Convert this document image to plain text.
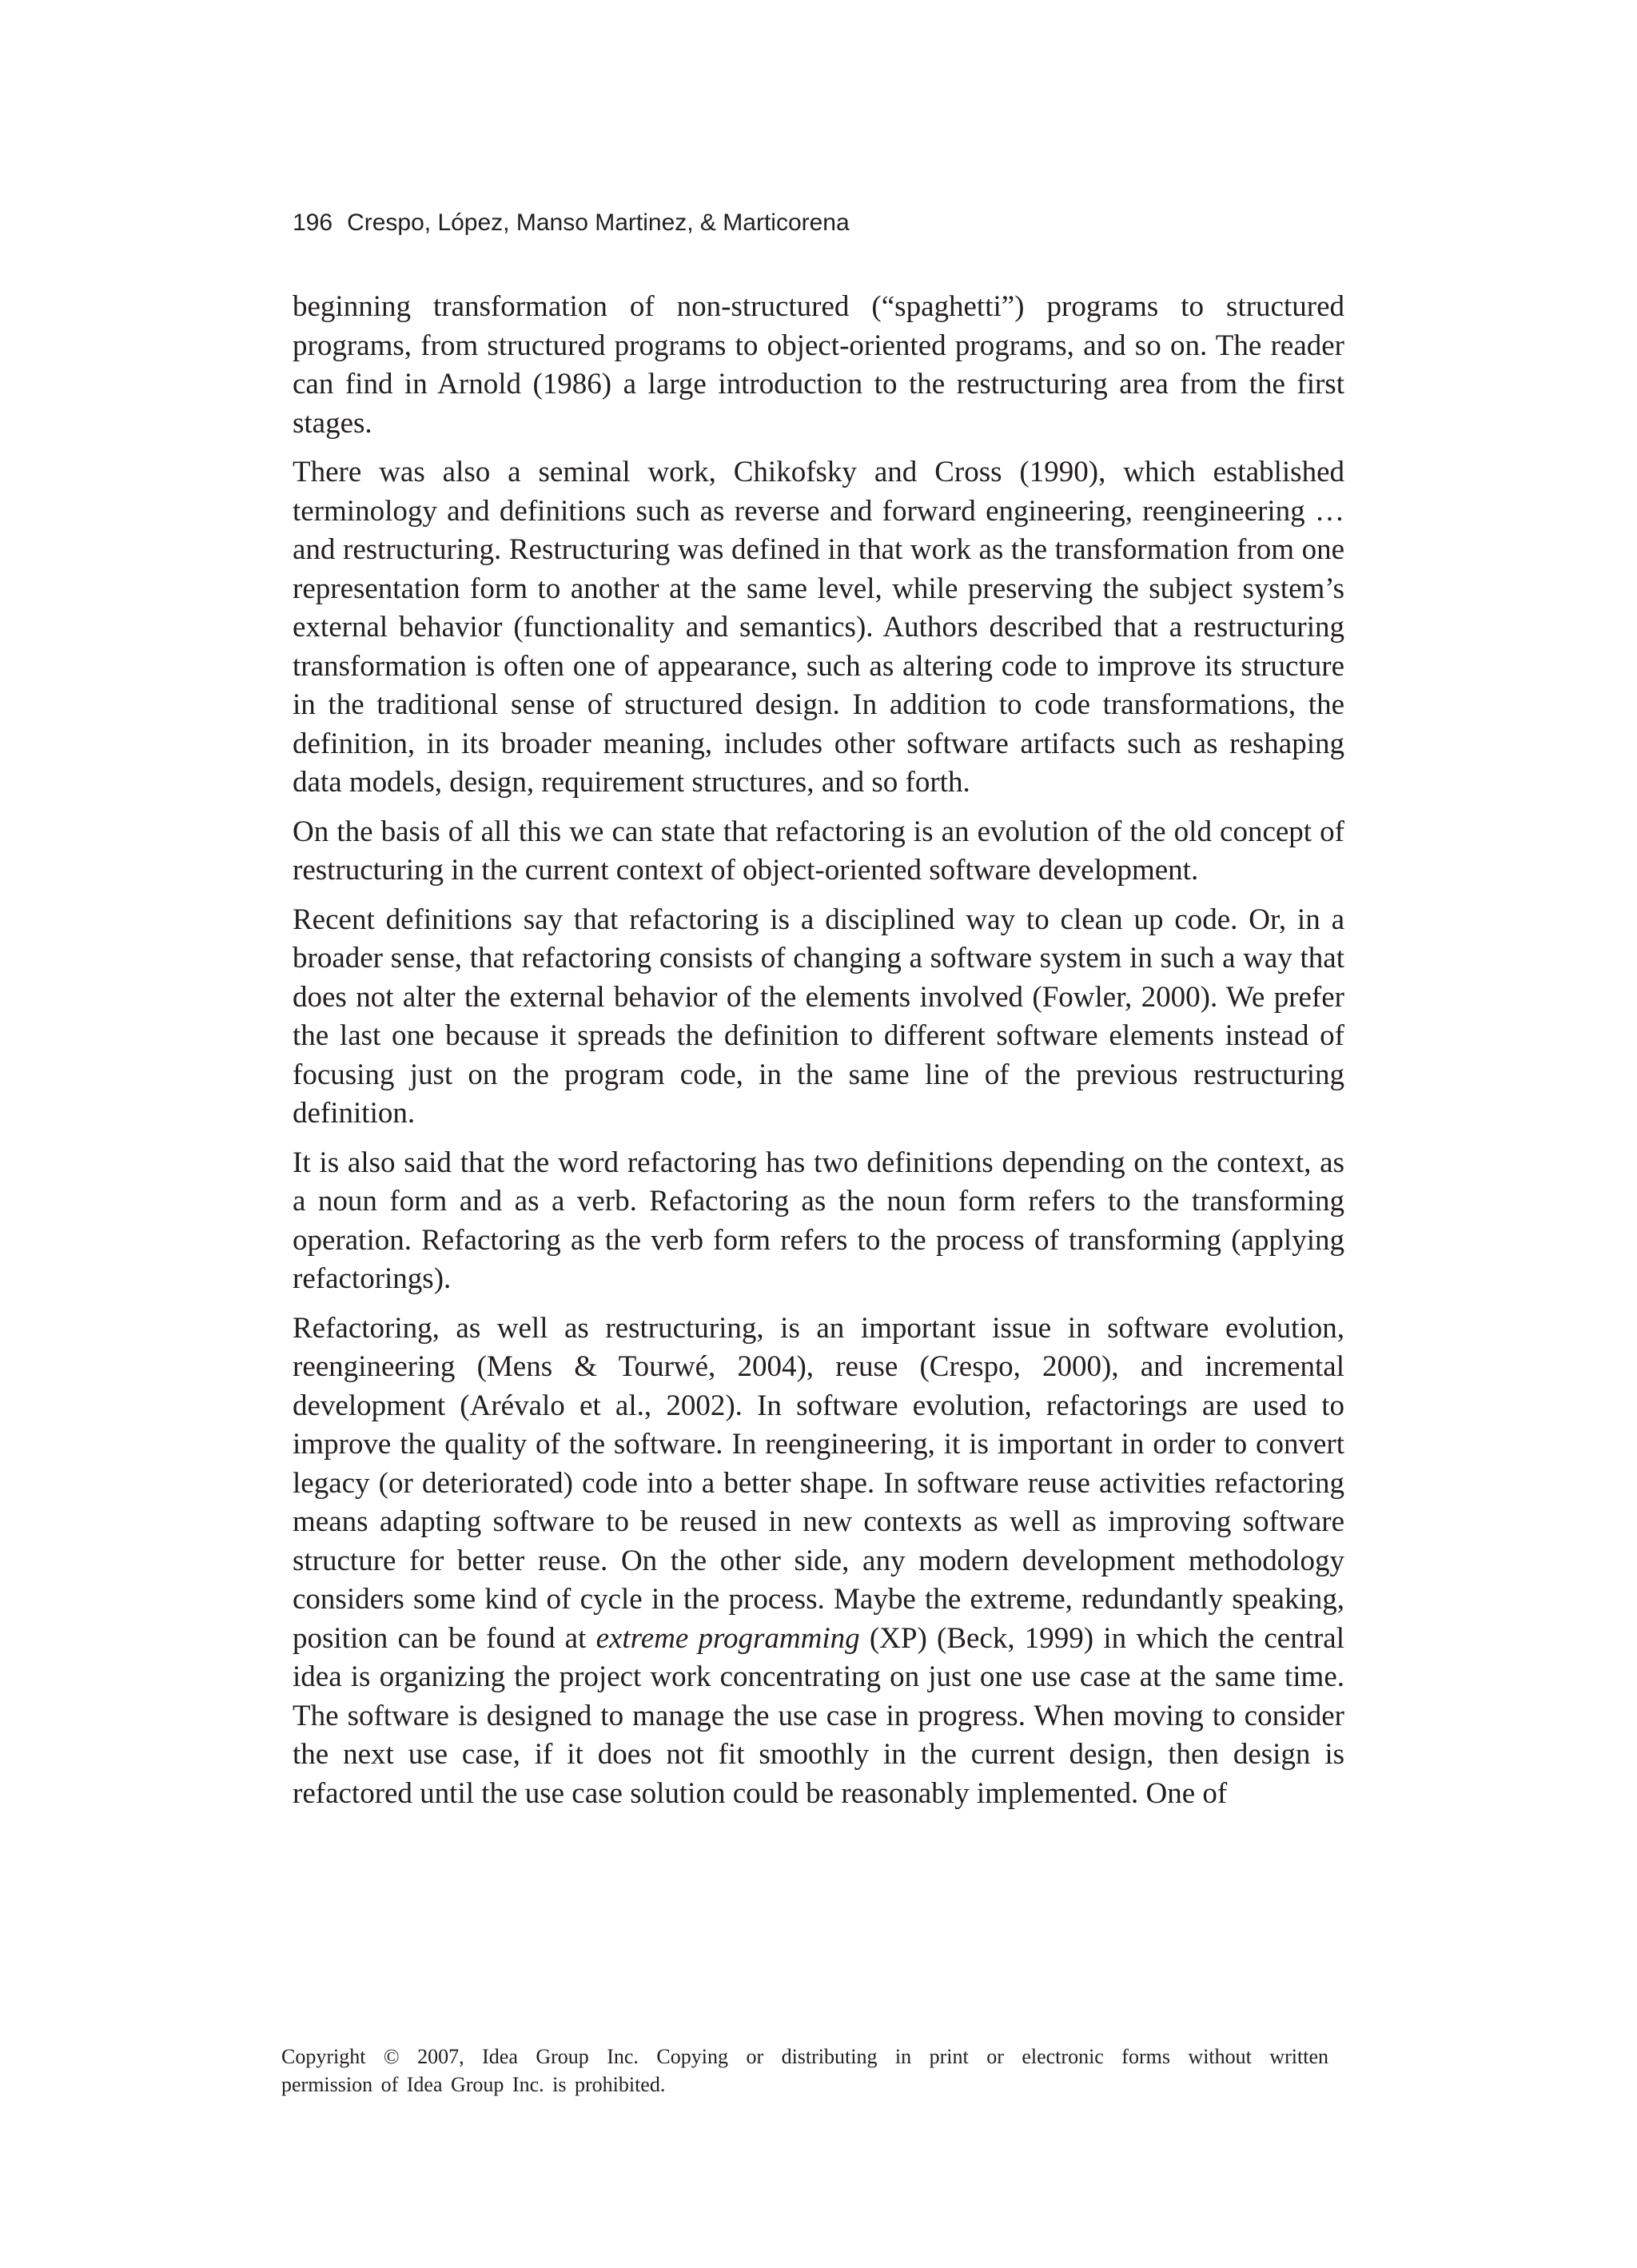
196 Crespo, López, Manso Martinez, & Marticorena

beginning transformation of non-structured (“spaghetti”) programs to structured programs, from structured programs to object-oriented programs, and so on. The reader can find in Arnold (1986) a large introduction to the restructuring area from the first stages.

There was also a seminal work, Chikofsky and Cross (1990), which established terminology and definitions such as reverse and forward engineering, reengineering … and restructuring. Restructuring was defined in that work as the transformation from one representation form to another at the same level, while preserving the subject system’s external behavior (functionality and semantics). Authors described that a restructuring transformation is often one of appearance, such as altering code to improve its structure in the traditional sense of structured design. In addition to code transformations, the definition, in its broader meaning, includes other software artifacts such as reshaping data models, design, requirement structures, and so forth.

On the basis of all this we can state that refactoring is an evolution of the old concept of restructuring in the current context of object-oriented software development.

Recent definitions say that refactoring is a disciplined way to clean up code. Or, in a broader sense, that refactoring consists of changing a software system in such a way that does not alter the external behavior of the elements involved (Fowler, 2000). We prefer the last one because it spreads the definition to different software elements instead of focusing just on the program code, in the same line of the previous restructuring definition.

It is also said that the word refactoring has two definitions depending on the context, as a noun form and as a verb. Refactoring as the noun form refers to the transforming operation. Refactoring as the verb form refers to the process of transforming (applying refactorings).

Refactoring, as well as restructuring, is an important issue in software evolution, reengineering (Mens & Tourwé, 2004), reuse (Crespo, 2000), and incremental development (Arévalo et al., 2002). In software evolution, refactorings are used to improve the quality of the software. In reengineering, it is important in order to convert legacy (or deteriorated) code into a better shape. In software reuse activities refactoring means adapting software to be reused in new contexts as well as improving software structure for better reuse. On the other side, any modern development methodology considers some kind of cycle in the process. Maybe the extreme, redundantly speaking, position can be found at extreme programming (XP) (Beck, 1999) in which the central idea is organizing the project work concentrating on just one use case at the same time. The software is designed to manage the use case in progress. When moving to consider the next use case, if it does not fit smoothly in the current design, then design is refactored until the use case solution could be reasonably implemented. One of

Copyright © 2007, Idea Group Inc. Copying or distributing in print or electronic forms without written
permission of Idea Group Inc. is prohibited.
